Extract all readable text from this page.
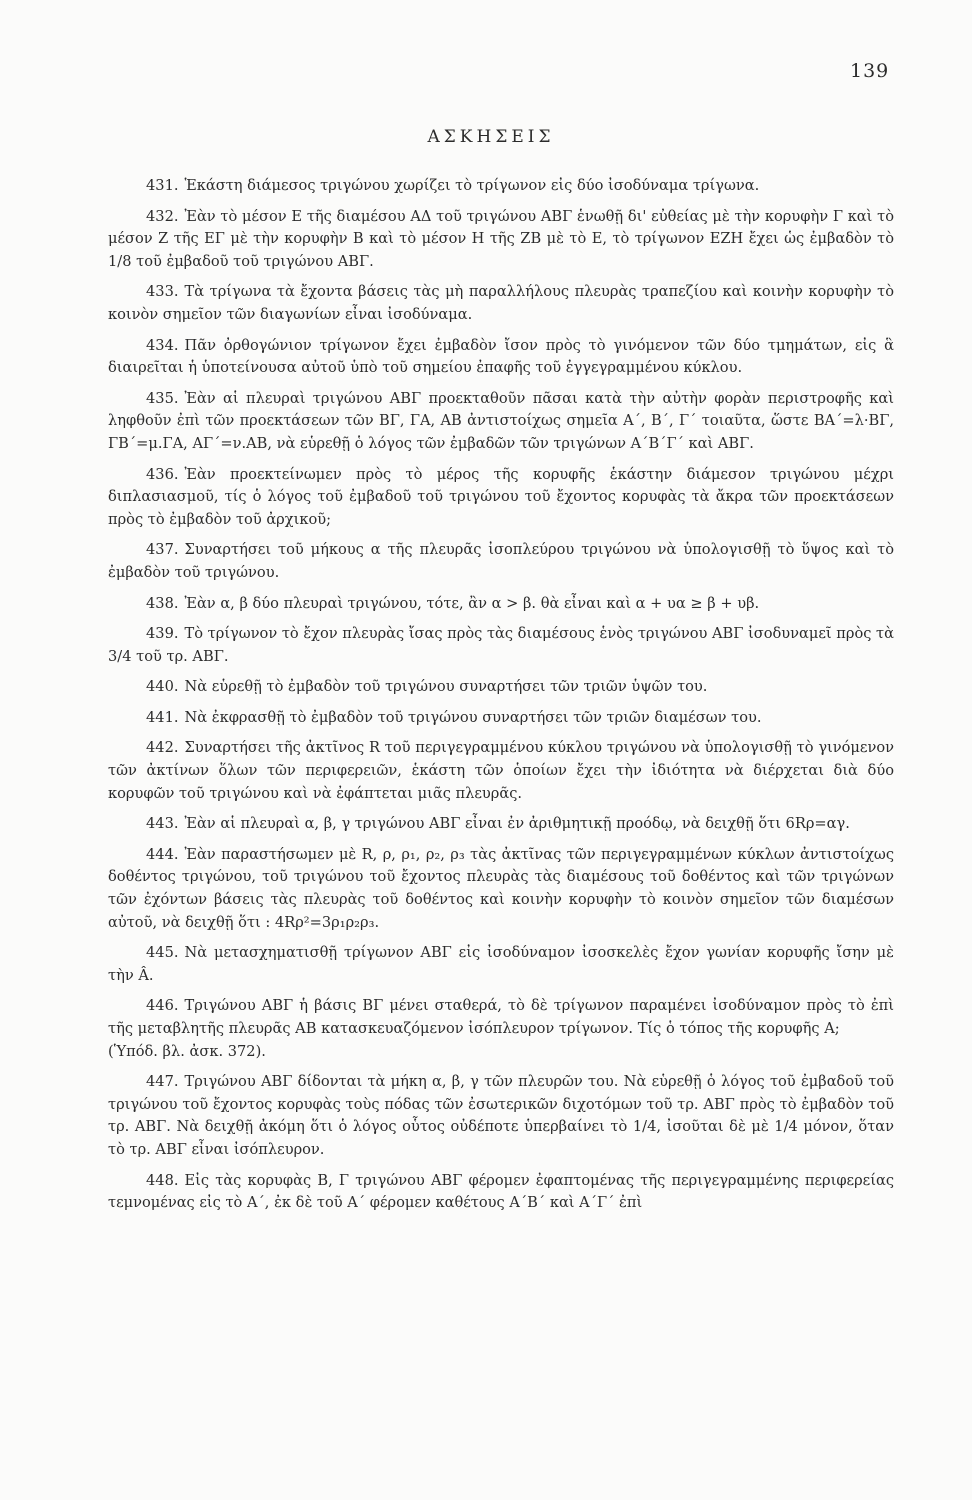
139
ΑΣΚΗΣΕΙΣ

431. Ἑκάστη διάμεσος τριγώνου χωρίζει τὸ τρίγωνον εἰς δύο ἰσοδύναμα τρίγωνα.

432. Ἐὰν τὸ μέσον Ε τῆς διαμέσου ΑΔ τοῦ τριγώνου ΑΒΓ ἑνωθῇ δι' εὐθείας μὲ τὴν κορυφὴν Γ καὶ τὸ μέσον Ζ τῆς ΕΓ μὲ τὴν κορυφὴν Β καὶ τὸ μέσον Η τῆς ΖΒ μὲ τὸ Ε, τὸ τρίγωνον ΕΖΗ ἔχει ὡς ἐμβαδὸν τὸ 1/8 τοῦ ἐμβαδοῦ τοῦ τριγώνου ΑΒΓ.

433. Τὰ τρίγωνα τὰ ἔχοντα βάσεις τὰς μὴ παραλλήλους πλευρὰς τραπεζίου καὶ κοινὴν κορυφὴν τὸ κοινὸν σημεῖον τῶν διαγωνίων εἶναι ἰσοδύναμα.

434. Πᾶν ὀρθογώνιον τρίγωνον ἔχει ἐμβαδὸν ἴσον πρὸς τὸ γινόμενον τῶν δύο τμημάτων, εἰς ἃ διαιρεῖται ἡ ὑποτείνουσα αὐτοῦ ὑπὸ τοῦ σημείου ἐπαφῆς τοῦ ἐγγεγραμμένου κύκλου.

435. Ἐὰν αἱ πλευραὶ τριγώνου ΑΒΓ προεκταθοῦν πᾶσαι κατὰ τὴν αὐτὴν φορὰν περιστροφῆς καὶ ληφθοῦν ἐπὶ τῶν προεκτάσεων τῶν ΒΓ, ΓΑ, ΑΒ ἀντιστοίχως σημεῖα Α΄, Β΄, Γ΄ τοιαῦτα, ὥστε ΒΑ΄=λ·ΒΓ, ΓΒ΄=μ.ΓΑ, ΑΓ΄=ν.ΑΒ, νὰ εὑρεθῇ ὁ λόγος τῶν ἐμβαδῶν τῶν τριγώνων Α΄Β΄Γ΄ καὶ ΑΒΓ.

436. Ἐὰν προεκτείνωμεν πρὸς τὸ μέρος τῆς κορυφῆς ἑκάστην διάμεσον τριγώνου μέχρι διπλασιασμοῦ, τίς ὁ λόγος τοῦ ἐμβαδοῦ τοῦ τριγώνου τοῦ ἔχοντος κορυφὰς τὰ ἄκρα τῶν προεκτάσεων πρὸς τὸ ἐμβαδὸν τοῦ ἀρχικοῦ;

437. Συναρτήσει τοῦ μήκους α τῆς πλευρᾶς ἰσοπλεύρου τριγώνου νὰ ὑπολογισθῇ τὸ ὕψος καὶ τὸ ἐμβαδὸν τοῦ τριγώνου.

438. Ἐὰν α, β δύο πλευραὶ τριγώνου, τότε, ἂν α > β. θὰ εἶναι καὶ α + υα ≥ β + υβ.

439. Τὸ τρίγωνον τὸ ἔχον πλευρὰς ἴσας πρὸς τὰς διαμέσους ἑνὸς τριγώνου ΑΒΓ ἰσοδυναμεῖ πρὸς τὰ 3/4 τοῦ τρ. ΑΒΓ.

440. Νὰ εὑρεθῇ τὸ ἐμβαδὸν τοῦ τριγώνου συναρτήσει τῶν τριῶν ὑψῶν του.

441. Νὰ ἐκφρασθῇ τὸ ἐμβαδὸν τοῦ τριγώνου συναρτήσει τῶν τριῶν διαμέσων του.

442. Συναρτήσει τῆς ἀκτῖνος R τοῦ περιγεγραμμένου κύκλου τριγώνου νὰ ὑπολογισθῇ τὸ γινόμενον τῶν ἀκτίνων ὅλων τῶν περιφερειῶν, ἑκάστη τῶν ὁποίων ἔχει τὴν ἰδιότητα νὰ διέρχεται διὰ δύο κορυφῶν τοῦ τριγώνου καὶ νὰ ἐφάπτεται μιᾶς πλευρᾶς.

443. Ἐὰν αἱ πλευραὶ α, β, γ τριγώνου ΑΒΓ εἶναι ἐν ἀριθμητικῇ προόδῳ, νὰ δειχθῇ ὅτι 6Rρ=αγ.

444. Ἐὰν παραστήσωμεν μὲ R, ρ, ρ₁, ρ₂, ρ₃ τὰς ἀκτῖνας τῶν περιγεγραμμένων κύκλων ἀντιστοίχως δοθέντος τριγώνου, τοῦ τριγώνου τοῦ ἔχοντος πλευρὰς τὰς διαμέσους τοῦ δοθέντος καὶ τῶν τριγώνων τῶν ἐχόντων βάσεις τὰς πλευρὰς τοῦ δοθέντος καὶ κοινὴν κορυφὴν τὸ κοινὸν σημεῖον τῶν διαμέσων αὐτοῦ, νὰ δειχθῇ ὅτι : 4Rρ²=3ρ₁ρ₂ρ₃.

445. Νὰ μετασχηματισθῇ τρίγωνον ΑΒΓ εἰς ἰσοδύναμον ἰσοσκελὲς ἔχον γωνίαν κορυφῆς ἴσην μὲ τὴν Â.

446. Τριγώνου ΑΒΓ ἡ βάσις ΒΓ μένει σταθερά, τὸ δὲ τρίγωνον παραμένει ἰσοδύναμον πρὸς τὸ ἐπὶ τῆς μεταβλητῆς πλευρᾶς ΑΒ κατασκευαζόμενον ἰσόπλευρον τρίγωνον. Τίς ὁ τόπος τῆς κορυφῆς Α;
(Ὑπόδ. βλ. ἀσκ. 372).

447. Τριγώνου ΑΒΓ δίδονται τὰ μήκη α, β, γ τῶν πλευρῶν του. Νὰ εὑρεθῇ ὁ λόγος τοῦ ἐμβαδοῦ τοῦ τριγώνου τοῦ ἔχοντος κορυφὰς τοὺς πόδας τῶν ἐσωτερικῶν διχοτόμων τοῦ τρ. ΑΒΓ πρὸς τὸ ἐμβαδὸν τοῦ τρ. ΑΒΓ. Νὰ δειχθῇ ἀκόμη ὅτι ὁ λόγος οὗτος οὐδέποτε ὑπερβαίνει τὸ 1/4, ἰσοῦται δὲ μὲ 1/4 μόνον, ὅταν τὸ τρ. ΑΒΓ εἶναι ἰσόπλευρον.

448. Εἰς τὰς κορυφὰς Β, Γ τριγώνου ΑΒΓ φέρομεν ἐφαπτομένας τῆς περιγεγραμμένης περιφερείας τεμνομένας εἰς τὸ Α΄, ἐκ δὲ τοῦ Α΄ φέρομεν καθέτους Α΄Β΄ καὶ Α΄Γ΄ ἐπὶ
